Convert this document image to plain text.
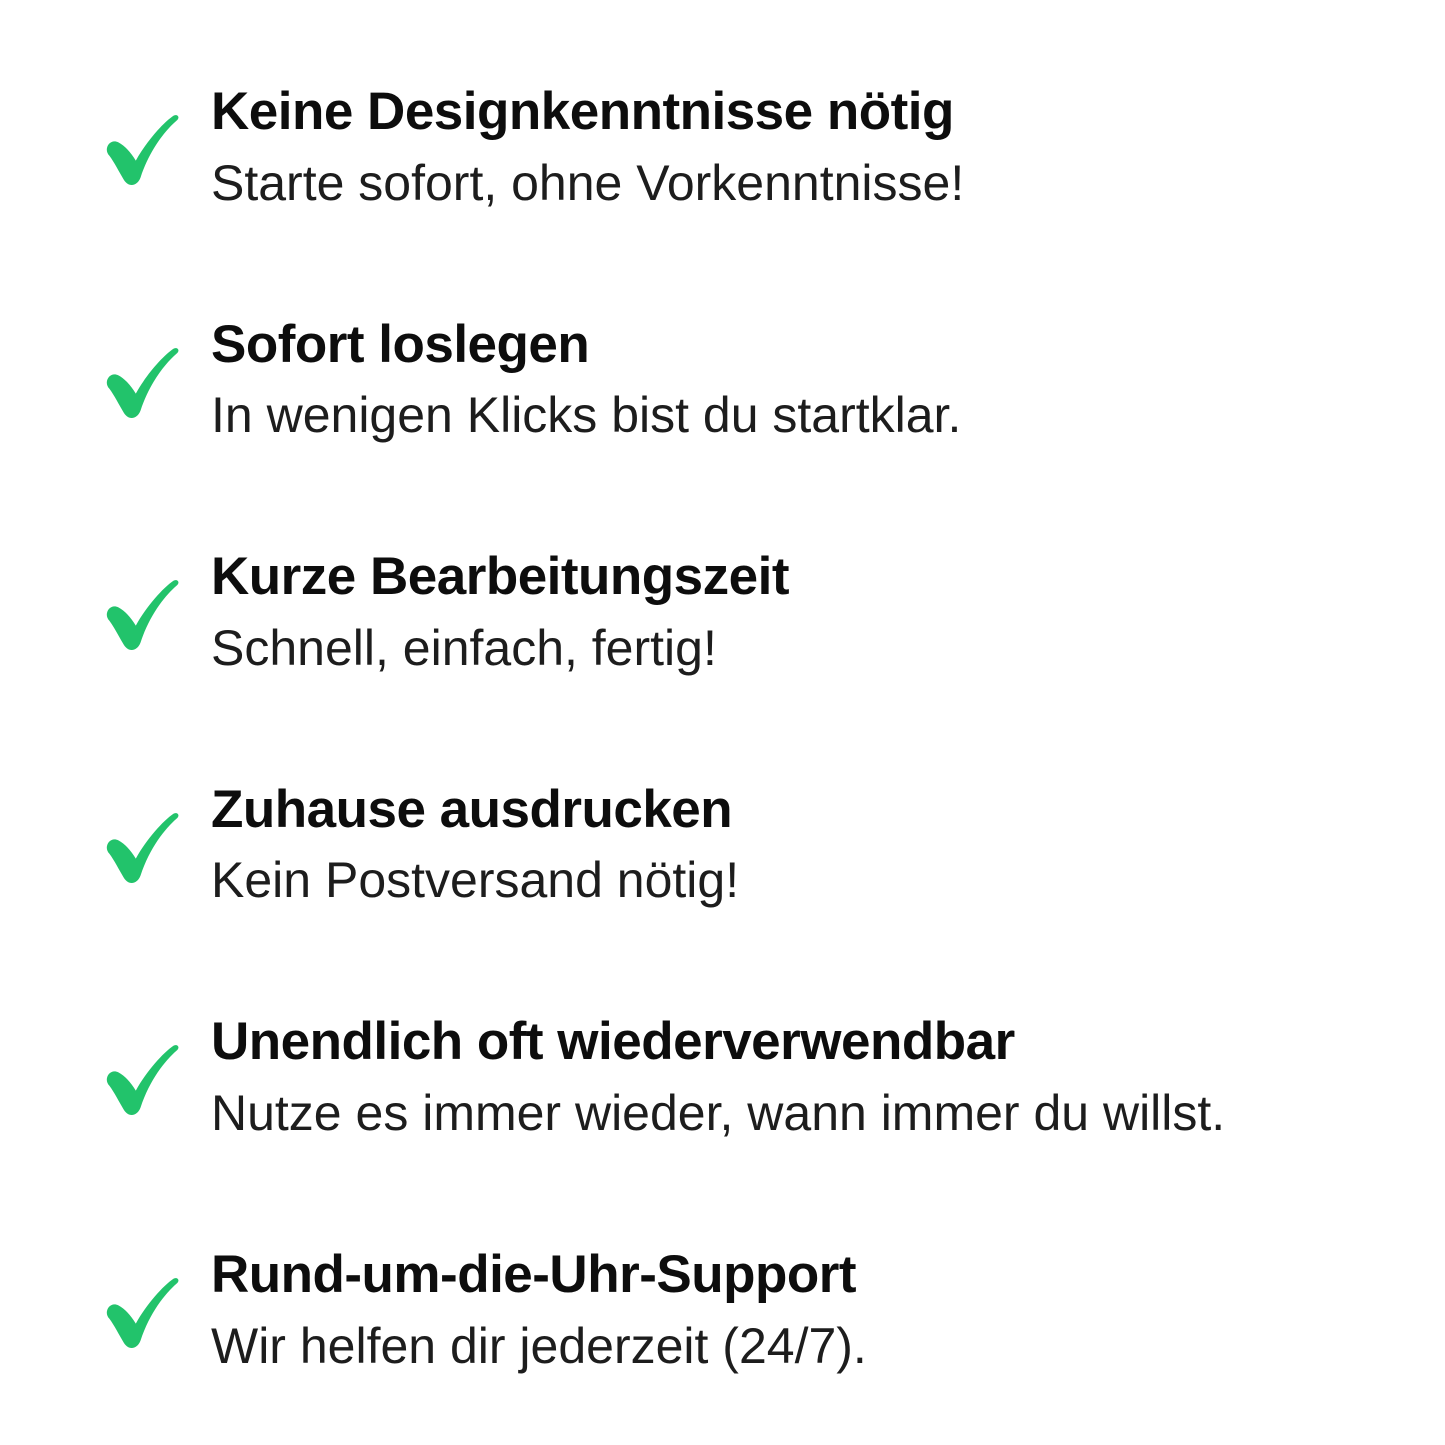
Keine Designkenntnisse nötig

Starte sofort, ohne Vorkenntnisse!

Sofort loslegen

In wenigen Klicks bist du startklar.

Kurze Bearbeitungszeit

Schnell, einfach, fertig!

Zuhause ausdrucken

Kein Postversand nötig!

Unendlich oft wiederverwendbar

Nutze es immer wieder, wann immer du willst.

Rund-um-die-Uhr-Support

Wir helfen dir jederzeit (24/7).
